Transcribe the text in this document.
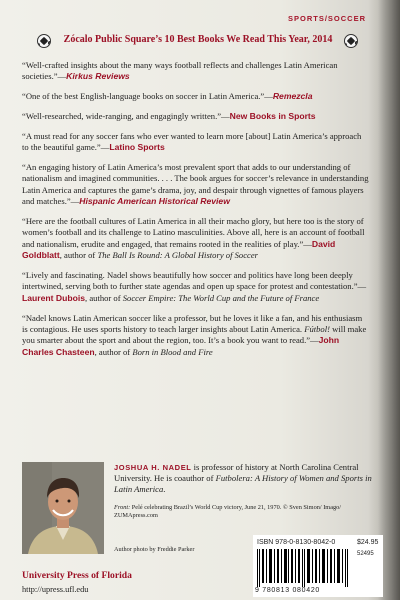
SPORTS/SOCCER
Zócalo Public Square’s 10 Best Books We Read This Year, 2014

“Well-crafted insights about the many ways football reflects and challenges Latin American societies.”—Kirkus Reviews

“One of the best English-language books on soccer in Latin America.”—Remezcla

“Well-researched, wide-ranging, and engagingly written.”—New Books in Sports

“A must read for any soccer fans who ever wanted to learn more [about] Latin America’s approach to the beautiful game.”—Latino Sports

“An engaging history of Latin America’s most prevalent sport that adds to our understanding of nationalism and imagined communities. . . . The book argues for soccer’s relevance in understanding Latin America and captures the game’s drama, joy, and despair through vignettes of famous players and matches.”—Hispanic American Historical Review

“Here are the football cultures of Latin America in all their macho glory, but here too is the story of women’s football and its challenge to Latino masculinities. Above all, here is an account of football and nationalism, erudite and engaged, that remains rooted in the realities of play.”—David Goldblatt, author of The Ball Is Round: A Global History of Soccer

“Lively and fascinating. Nadel shows beautifully how soccer and politics have long been deeply intertwined, serving both to further state agendas and open up space for protest and contestation.”—Laurent Dubois, author of Soccer Empire: The World Cup and the Future of France

“Nadel knows Latin American soccer like a professor, but he loves it like a fan, and his enthusiasm is contagious. He uses sports history to teach larger insights about Latin America. Fútbol! will make you smarter about the sport and about the region, too. It’s a book you want to read.”—John Charles Chasteen, author of Born in Blood and Fire

JOSHUA H. NADEL is professor of history at North Carolina Central University. He is coauthor of Futbolera: A History of Women and Sports in Latin America.
Front: Pelé celebrating Brazil’s World Cup victory, June 21, 1970. © Sven Simon/ Imago/ ZUMApress.com
Author photo by Freddie Parker
University Press of Florida
http://upress.ufl.edu
ISBN 978-0-8130-8042-0	$24.95
52495
9 780813 080420
